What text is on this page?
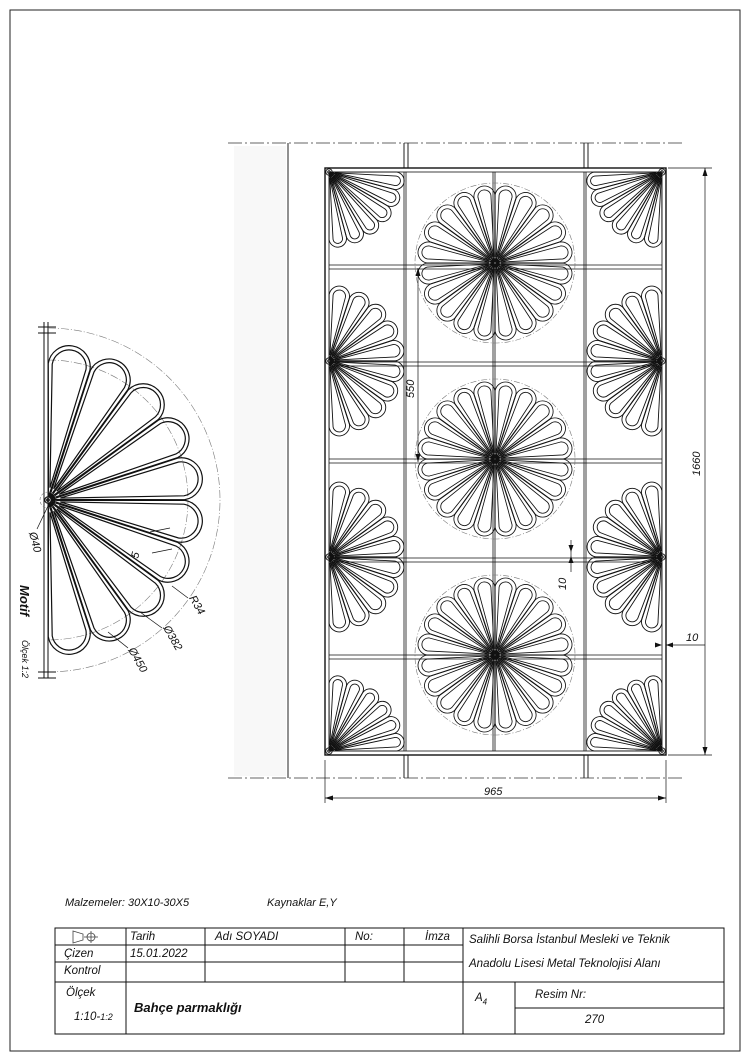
Motif
Ölçek 1:2
Ø40
5
R34
Ø382
Ø450
965
1660
550
10
10
Malzemeler: 30X10-30X5	Kaynaklar E,Y
Tarih	Adı SOYADI	No:	İmza
Çizen	15.01.2022
Kontrol
Salihli Borsa İstanbul Mesleki ve Teknik
Anadolu Lisesi Metal Teknolojisi Alanı
Ölçek
1:10-1:2
Bahçe parmaklığı
$A_4$
Resim Nr:
270
